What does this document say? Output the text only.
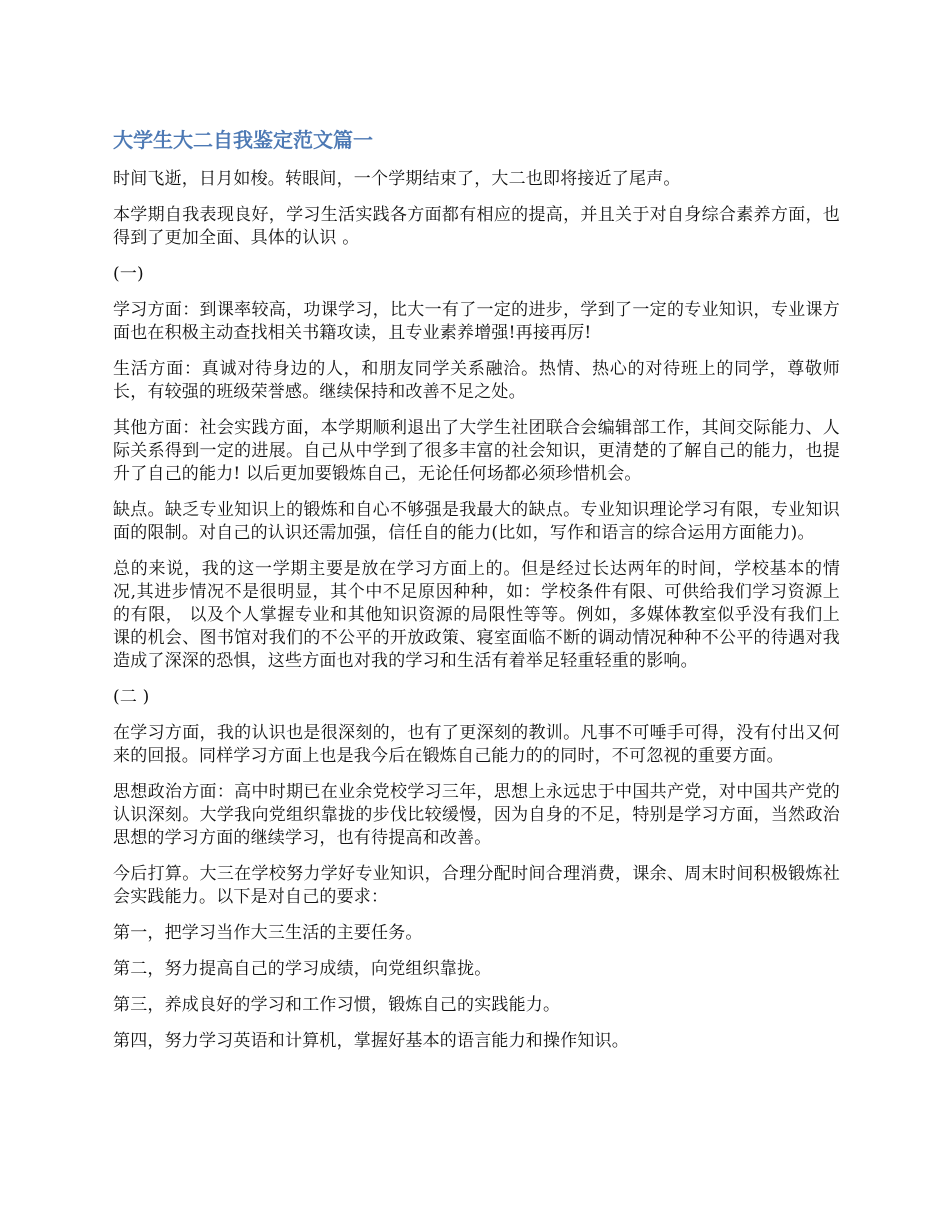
大学生大二自我鉴定范文篇一

时间飞逝，日月如梭。转眼间，一个学期结束了，大二也即将接近了尾声。

本学期自我表现良好，学习生活实践各方面都有相应的提高，并且关于对自身综合素养方面，也得到了更加全面、具体的认识 。

(一)

学习方面：到课率较高，功课学习，比大一有了一定的进步，学到了一定的专业知识，专业课方面也在积极主动查找相关书籍攻读，且专业素养增强!再接再厉!

生活方面：真诚对待身边的人，和朋友同学关系融洽。热情、热心的对待班上的同学，尊敬师长，有较强的班级荣誉感。继续保持和改善不足之处。

其他方面：社会实践方面，本学期顺利退出了大学生社团联合会编辑部工作，其间交际能力、人际关系得到一定的进展。自己从中学到了很多丰富的社会知识，更清楚的了解自己的能力，也提升了自己的能力! 以后更加要锻炼自己，无论任何场都必须珍惜机会。

缺点。缺乏专业知识上的锻炼和自心不够强是我最大的缺点。专业知识理论学习有限，专业知识面的限制。对自己的认识还需加强，信任自的能力(比如，写作和语言的综合运用方面能力)。

总的来说，我的这一学期主要是放在学习方面上的。但是经过长达两年的时间，学校基本的情况,其进步情况不是很明显，其个中不足原因种种，如：学校条件有限、可供给我们学习资源上的有限， 以及个人掌握专业和其他知识资源的局限性等等。例如，多媒体教室似乎没有我们上课的机会、图书馆对我们的不公平的开放政策、寝室面临不断的调动情况种种不公平的待遇对我造成了深深的恐惧，这些方面也对我的学习和生活有着举足轻重轻重的影响。

(二 )

在学习方面，我的认识也是很深刻的，也有了更深刻的教训。凡事不可唾手可得，没有付出又何来的回报。同样学习方面上也是我今后在锻炼自己能力的的同时，不可忽视的重要方面。

思想政治方面：高中时期已在业余党校学习三年，思想上永远忠于中国共产党，对中国共产党的认识深刻。大学我向党组织靠拢的步伐比较缓慢，因为自身的不足，特别是学习方面，当然政治思想的学习方面的继续学习，也有待提高和改善。

今后打算。大三在学校努力学好专业知识，合理分配时间合理消费，课余、周末时间积极锻炼社会实践能力。以下是对自己的要求：

第一，把学习当作大三生活的主要任务。

第二，努力提高自己的学习成绩，向党组织靠拢。

第三，养成良好的学习和工作习惯，锻炼自己的实践能力。

第四，努力学习英语和计算机，掌握好基本的语言能力和操作知识。
